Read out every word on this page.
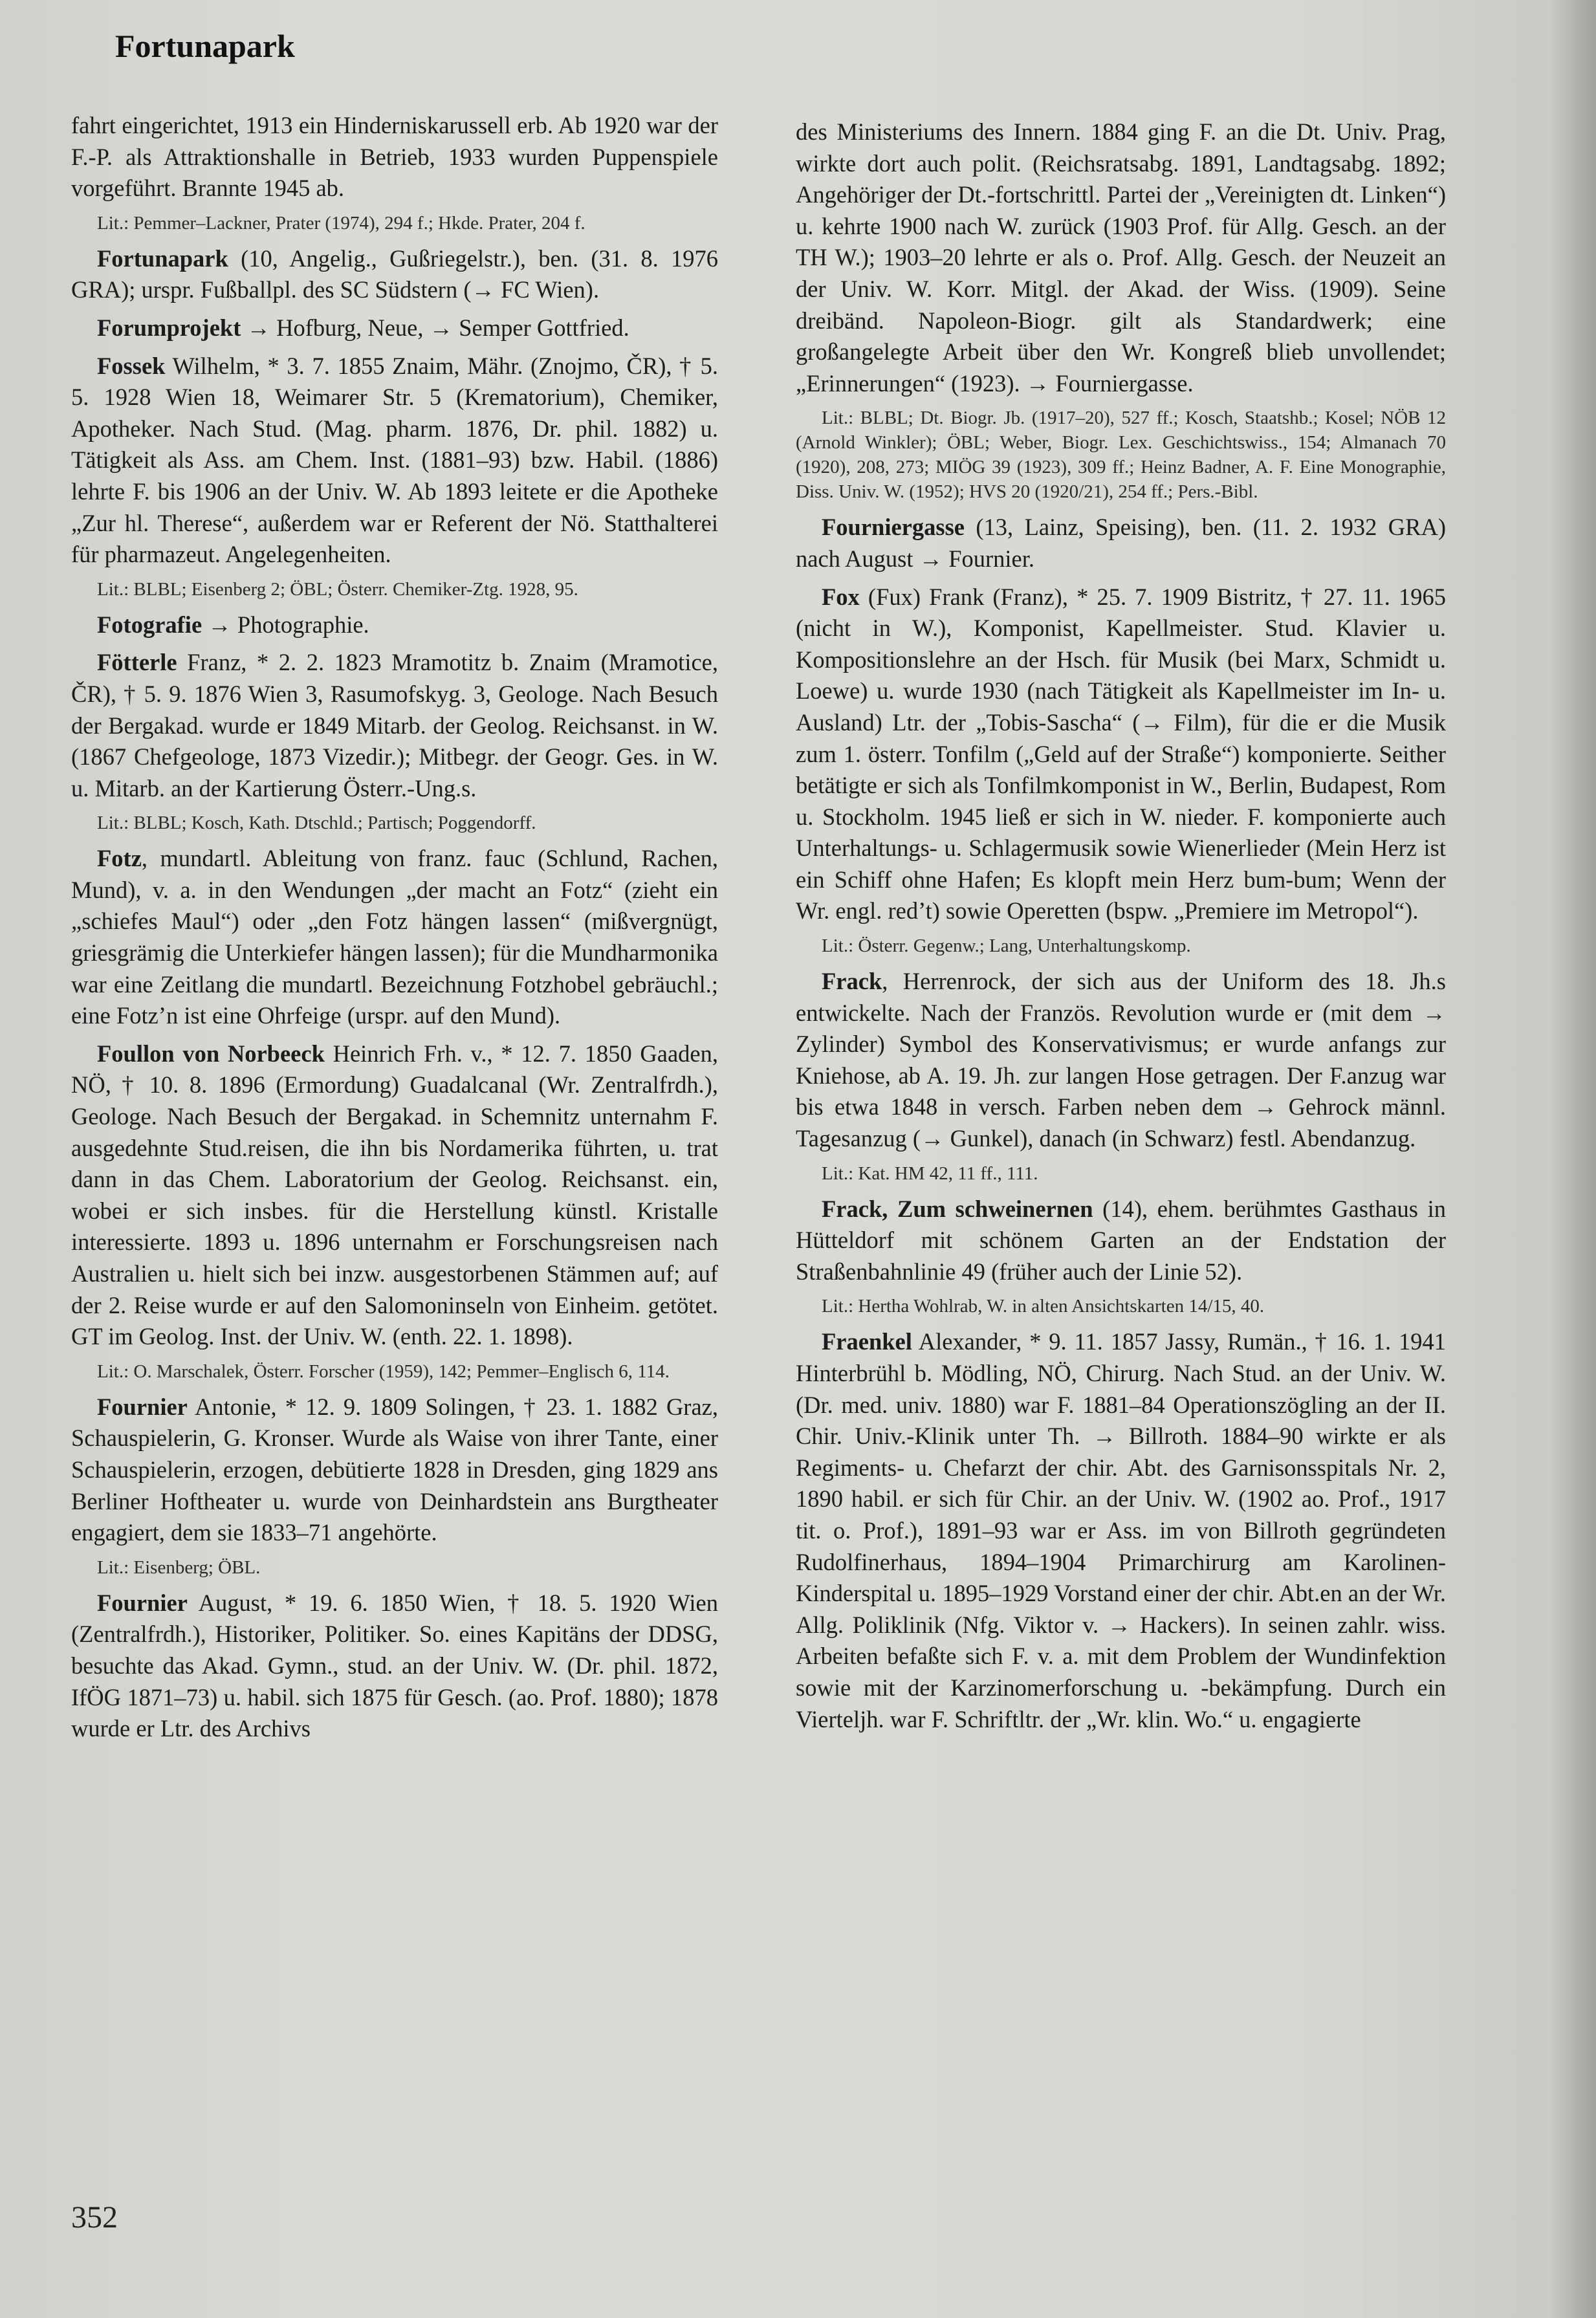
Fortunapark

fahrt eingerichtet, 1913 ein Hinderniskarussell erb. Ab 1920 war der F.-P. als Attraktionshalle in Betrieb, 1933 wurden Puppenspiele vorgeführt. Brannte 1945 ab.

Lit.: Pemmer–Lackner, Prater (1974), 294 f.; Hkde. Prater, 204 f.

Fortunapark (10, Angelig., Gußriegelstr.), ben. (31. 8. 1976 GRA); urspr. Fußballpl. des SC Südstern (→ FC Wien).

Forumprojekt → Hofburg, Neue, → Semper Gottfried.

Fossek Wilhelm, * 3. 7. 1855 Znaim, Mähr. (Znojmo, ČR), † 5. 5. 1928 Wien 18, Weimarer Str. 5 (Krematorium), Chemiker, Apotheker. Nach Stud. (Mag. pharm. 1876, Dr. phil. 1882) u. Tätigkeit als Ass. am Chem. Inst. (1881–93) bzw. Habil. (1886) lehrte F. bis 1906 an der Univ. W. Ab 1893 leitete er die Apotheke „Zur hl. Therese“, außerdem war er Referent der Nö. Statthalterei für pharmazeut. Angelegenheiten.

Lit.: BLBL; Eisenberg 2; ÖBL; Österr. Chemiker-Ztg. 1928, 95.

Fotografie → Photographie.

Fötterle Franz, * 2. 2. 1823 Mramotitz b. Znaim (Mramotice, ČR), † 5. 9. 1876 Wien 3, Rasumofskyg. 3, Geologe. Nach Besuch der Bergakad. wurde er 1849 Mitarb. der Geolog. Reichsanst. in W. (1867 Chefgeologe, 1873 Vizedir.); Mitbegr. der Geogr. Ges. in W. u. Mitarb. an der Kartierung Österr.-Ung.s.

Lit.: BLBL; Kosch, Kath. Dtschld.; Partisch; Poggendorff.

Fotz, mundartl. Ableitung von franz. fauc (Schlund, Rachen, Mund), v. a. in den Wendungen „der macht an Fotz“ (zieht ein „schiefes Maul“) oder „den Fotz hängen lassen“ (mißvergnügt, griesgrämig die Unterkiefer hängen lassen); für die Mundharmonika war eine Zeitlang die mundartl. Bezeichnung Fotzhobel gebräuchl.; eine Fotz’n ist eine Ohrfeige (urspr. auf den Mund).

Foullon von Norbeeck Heinrich Frh. v., * 12. 7. 1850 Gaaden, NÖ, † 10. 8. 1896 (Ermordung) Guadalcanal (Wr. Zentralfrdh.), Geologe. Nach Besuch der Bergakad. in Schemnitz unternahm F. ausgedehnte Stud.reisen, die ihn bis Nordamerika führten, u. trat dann in das Chem. Laboratorium der Geolog. Reichsanst. ein, wobei er sich insbes. für die Herstellung künstl. Kristalle interessierte. 1893 u. 1896 unternahm er Forschungsreisen nach Australien u. hielt sich bei inzw. ausgestorbenen Stämmen auf; auf der 2. Reise wurde er auf den Salomoninseln von Einheim. getötet. GT im Geolog. Inst. der Univ. W. (enth. 22. 1. 1898).

Lit.: O. Marschalek, Österr. Forscher (1959), 142; Pemmer–Englisch 6, 114.

Fournier Antonie, * 12. 9. 1809 Solingen, † 23. 1. 1882 Graz, Schauspielerin, G. Kronser. Wurde als Waise von ihrer Tante, einer Schauspielerin, erzogen, debütierte 1828 in Dresden, ging 1829 ans Berliner Hoftheater u. wurde von Deinhardstein ans Burgtheater engagiert, dem sie 1833–71 angehörte.

Lit.: Eisenberg; ÖBL.

Fournier August, * 19. 6. 1850 Wien, † 18. 5. 1920 Wien (Zentralfrdh.), Historiker, Politiker. So. eines Kapitäns der DDSG, besuchte das Akad. Gymn., stud. an der Univ. W. (Dr. phil. 1872, IfÖG 1871–73) u. habil. sich 1875 für Gesch. (ao. Prof. 1880); 1878 wurde er Ltr. des Archivs

des Ministeriums des Innern. 1884 ging F. an die Dt. Univ. Prag, wirkte dort auch polit. (Reichsratsabg. 1891, Landtagsabg. 1892; Angehöriger der Dt.-fortschrittl. Partei der „Vereinigten dt. Linken“) u. kehrte 1900 nach W. zurück (1903 Prof. für Allg. Gesch. an der TH W.); 1903–20 lehrte er als o. Prof. Allg. Gesch. der Neuzeit an der Univ. W. Korr. Mitgl. der Akad. der Wiss. (1909). Seine dreibänd. Napoleon-Biogr. gilt als Standardwerk; eine großangelegte Arbeit über den Wr. Kongreß blieb unvollendet; „Erinnerungen“ (1923). → Fourniergasse.

Lit.: BLBL; Dt. Biogr. Jb. (1917–20), 527 ff.; Kosch, Staatshb.; Kosel; NÖB 12 (Arnold Winkler); ÖBL; Weber, Biogr. Lex. Geschichtswiss., 154; Almanach 70 (1920), 208, 273; MIÖG 39 (1923), 309 ff.; Heinz Badner, A. F. Eine Monographie, Diss. Univ. W. (1952); HVS 20 (1920/21), 254 ff.; Pers.-Bibl.

Fourniergasse (13, Lainz, Speising), ben. (11. 2. 1932 GRA) nach August → Fournier.

Fox (Fux) Frank (Franz), * 25. 7. 1909 Bistritz, † 27. 11. 1965 (nicht in W.), Komponist, Kapellmeister. Stud. Klavier u. Kompositionslehre an der Hsch. für Musik (bei Marx, Schmidt u. Loewe) u. wurde 1930 (nach Tätigkeit als Kapellmeister im In- u. Ausland) Ltr. der „Tobis-Sascha“ (→ Film), für die er die Musik zum 1. österr. Tonfilm („Geld auf der Straße“) komponierte. Seither betätigte er sich als Tonfilmkomponist in W., Berlin, Budapest, Rom u. Stockholm. 1945 ließ er sich in W. nieder. F. komponierte auch Unterhaltungs- u. Schlagermusik sowie Wienerlieder (Mein Herz ist ein Schiff ohne Hafen; Es klopft mein Herz bum-bum; Wenn der Wr. engl. red’t) sowie Operetten (bspw. „Premiere im Metropol“).

Lit.: Österr. Gegenw.; Lang, Unterhaltungskomp.

Frack, Herrenrock, der sich aus der Uniform des 18. Jh.s entwickelte. Nach der Französ. Revolution wurde er (mit dem → Zylinder) Symbol des Konservativismus; er wurde anfangs zur Kniehose, ab A. 19. Jh. zur langen Hose getragen. Der F.anzug war bis etwa 1848 in versch. Farben neben dem → Gehrock männl. Tagesanzug (→ Gunkel), danach (in Schwarz) festl. Abendanzug.

Lit.: Kat. HM 42, 11 ff., 111.

Frack, Zum schweinernen (14), ehem. berühmtes Gasthaus in Hütteldorf mit schönem Garten an der Endstation der Straßenbahnlinie 49 (früher auch der Linie 52).

Lit.: Hertha Wohlrab, W. in alten Ansichtskarten 14/15, 40.

Fraenkel Alexander, * 9. 11. 1857 Jassy, Rumän., † 16. 1. 1941 Hinterbrühl b. Mödling, NÖ, Chirurg. Nach Stud. an der Univ. W. (Dr. med. univ. 1880) war F. 1881–84 Operationszögling an der II. Chir. Univ.-Klinik unter Th. → Billroth. 1884–90 wirkte er als Regiments- u. Chefarzt der chir. Abt. des Garnisonsspitals Nr. 2, 1890 habil. er sich für Chir. an der Univ. W. (1902 ao. Prof., 1917 tit. o. Prof.), 1891–93 war er Ass. im von Billroth gegründeten Rudolfinerhaus, 1894–1904 Primarchirurg am Karolinen-Kinderspital u. 1895–1929 Vorstand einer der chir. Abt.en an der Wr. Allg. Poliklinik (Nfg. Viktor v. → Hackers). In seinen zahlr. wiss. Arbeiten befaßte sich F. v. a. mit dem Problem der Wundinfektion sowie mit der Karzinomerforschung u. -bekämpfung. Durch ein Vierteljh. war F. Schriftltr. der „Wr. klin. Wo.“ u. engagierte

352
